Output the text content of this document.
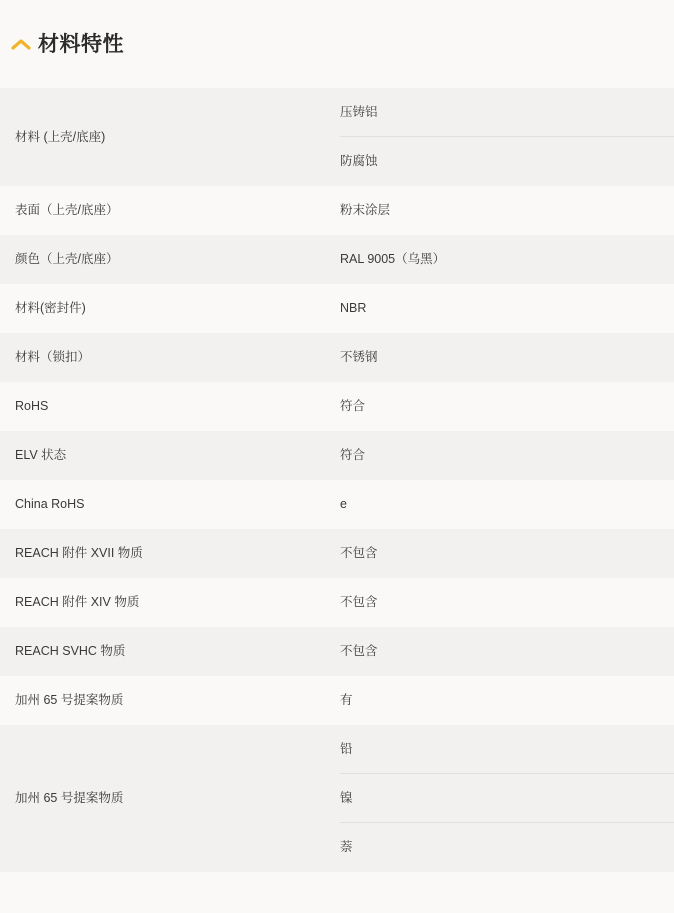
材料特性
材料 (上壳/底座)	压铸铝
防腐蚀

表面（上壳/底座）	粉末涂层
颜色（上壳/底座）	RAL 9005（乌黑）
材料(密封件)	NBR
材料（锁扣）	不锈钢
RoHS	符合
ELV 状态	符合
China RoHS	e
REACH 附件 XVII 物质	不包含
REACH 附件 XIV 物质	不包含
REACH SVHC 物质	不包含
加州 65 号提案物质	有
加州 65 号提案物质	铅
镍
萘
